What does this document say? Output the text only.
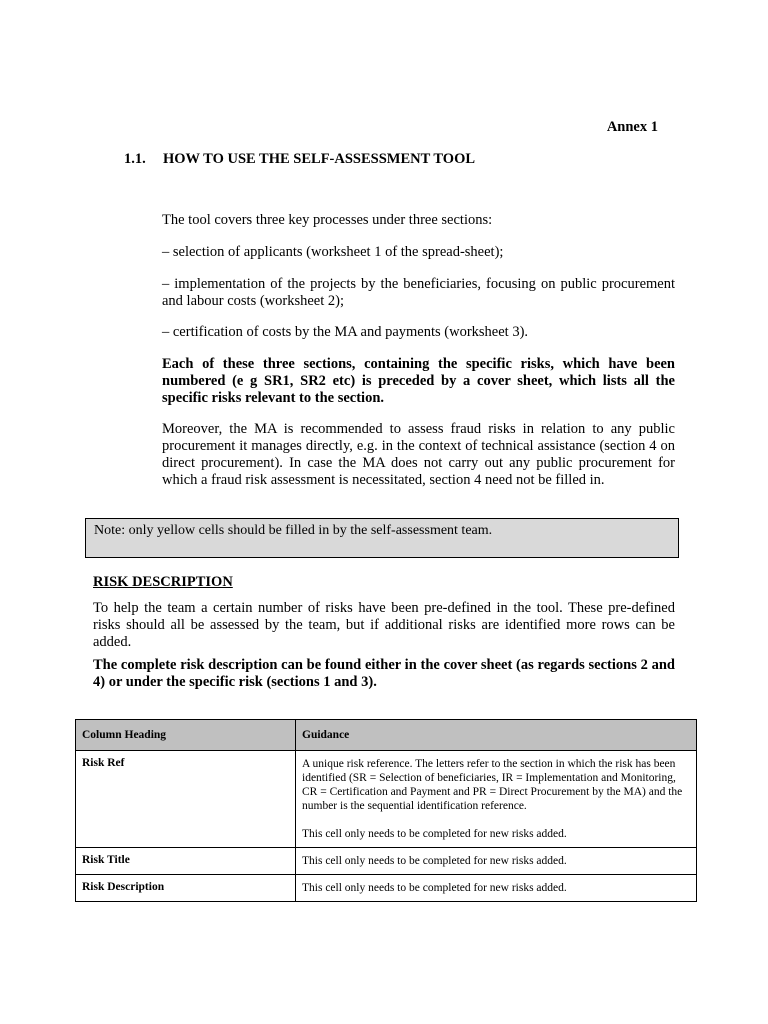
Annex 1
1.1. HOW TO USE THE SELF-ASSESSMENT TOOL
The tool covers three key processes under three sections:
– selection of applicants (worksheet 1 of the spread-sheet);
– implementation of the projects by the beneficiaries, focusing on public procurement and labour costs (worksheet 2);
– certification of costs by the MA and payments (worksheet 3).
Each of these three sections, containing the specific risks, which have been numbered (e g SR1, SR2 etc) is preceded by a cover sheet, which lists all the specific risks relevant to the section.
Moreover, the MA is recommended to assess fraud risks in relation to any public procurement it manages directly, e.g. in the context of technical assistance (section 4 on direct procurement). In case the MA does not carry out any public procurement for which a fraud risk assessment is necessitated, section 4 need not be filled in.
Note: only yellow cells should be filled in by the self-assessment team.
RISK DESCRIPTION
To help the team a certain number of risks have been pre-defined in the tool. These pre-defined risks should all be assessed by the team, but if additional risks are identified more rows can be added.
The complete risk description can be found either in the cover sheet (as regards sections 2 and 4) or under the specific risk (sections 1 and 3).
Column Heading	Guidance
Risk Ref	A unique risk reference. The letters refer to the section in which the risk has been identified (SR = Selection of beneficiaries, IR = Implementation and Monitoring, CR = Certification and Payment and PR = Direct Procurement by the MA) and the number is the sequential identification reference.
This cell only needs to be completed for new risks added.

Risk Title	This cell only needs to be completed for new risks added.
Risk Description	This cell only needs to be completed for new risks added.
